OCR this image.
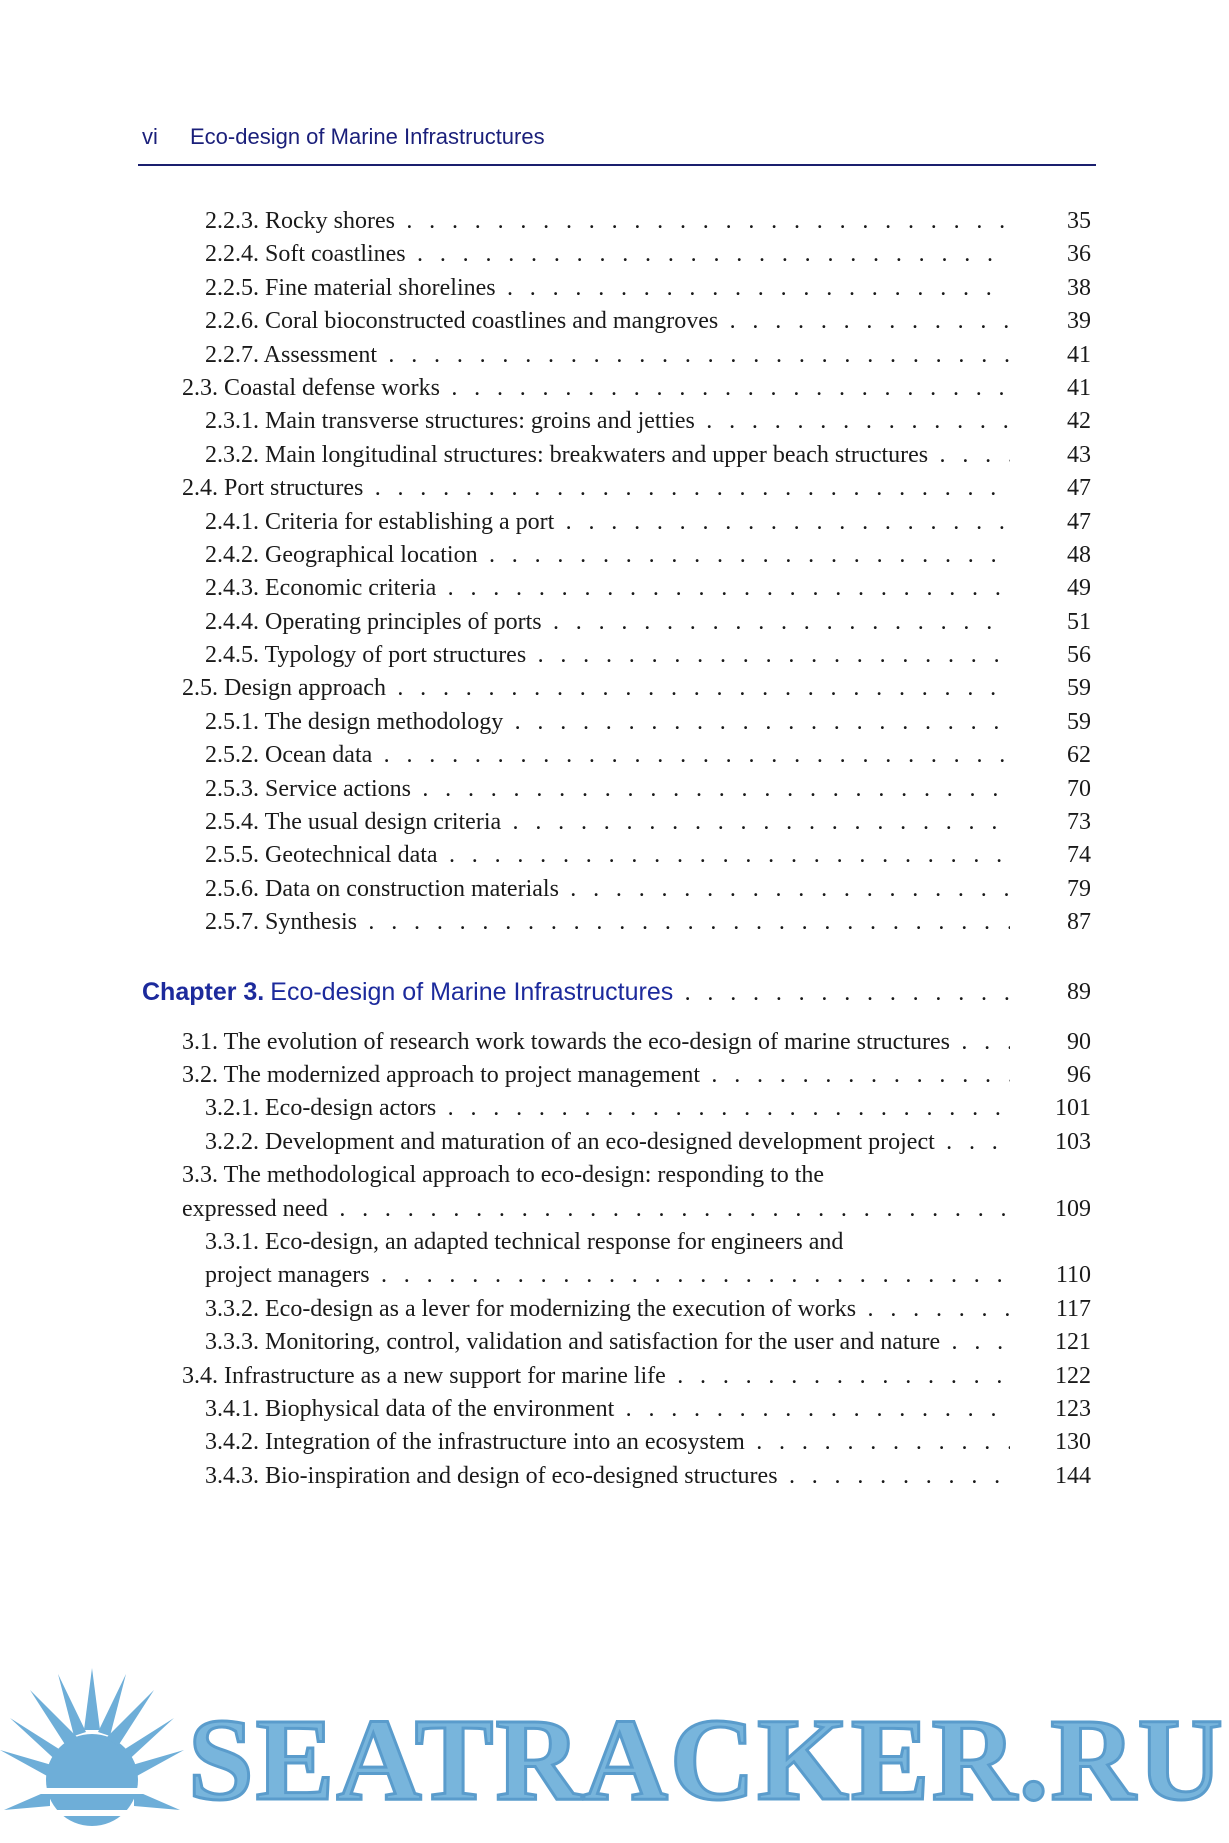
vi Eco-design of Marine Infrastructures
2.2.3. Rocky shores . . .	35
2.2.4. Soft coastlines . . .	36
2.2.5. Fine material shorelines . . .	38
2.2.6. Coral bioconstructed coastlines and mangroves . . .	39
2.2.7. Assessment . . .	41
2.3. Coastal defense works . . .	41
2.3.1. Main transverse structures: groins and jetties . . .	42
2.3.2. Main longitudinal structures: breakwaters and upper beach structures . . .	43
2.4. Port structures . . .	47
2.4.1. Criteria for establishing a port . . .	47
2.4.2. Geographical location . . .	48
2.4.3. Economic criteria . . .	49
2.4.4. Operating principles of ports . . .	51
2.4.5. Typology of port structures . . .	56
2.5. Design approach . . .	59
2.5.1. The design methodology . . .	59
2.5.2. Ocean data . . .	62
2.5.3. Service actions . . .	70
2.5.4. The usual design criteria . . .	73
2.5.5. Geotechnical data . . .	74
2.5.6. Data on construction materials . . .	79
2.5.7. Synthesis . . .	87
Chapter 3. Eco-design of Marine Infrastructures . . .	89
3.1. The evolution of research work towards the eco-design of marine structures . . .	90
3.2. The modernized approach to project management . . .	96
3.2.1. Eco-design actors . . .	101
3.2.2. Development and maturation of an eco-designed development project . . .	103
3.3. The methodological approach to eco-design: responding to the
expressed need . . .	109
3.3.1. Eco-design, an adapted technical response for engineers and
project managers . . .	110
3.3.2. Eco-design as a lever for modernizing the execution of works . . .	117
3.3.3. Monitoring, control, validation and satisfaction for the user and nature . . .	121
3.4. Infrastructure as a new support for marine life . . .	122
3.4.1. Biophysical data of the environment . . .	123
3.4.2. Integration of the infrastructure into an ecosystem . . .	130
3.4.3. Bio-inspiration and design of eco-designed structures . . .	144
SEATRACKER.RU
